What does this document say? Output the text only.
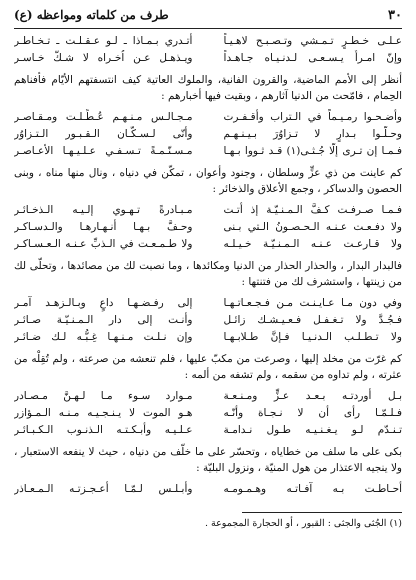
٣٠
طرف من كلماته ومواعظه (ع)
عـلـى خـطـرٍ تـمـشي وتـصـبـح لاهـيـاً
أتـدري بـمـاذا ـ لـو عـقـلـت ـ تـخـاطـر
وإنّ امـرأً يـسـعـى لـدنـيـاه جـاهـداً
ويـذهـل عـن اُخـراه لا شـكَّ خـاسـر
أنظر إلى الأمم الماضية، والقرون الفانية، والملوك العاتية كيف انتسفتهم الأيّام فأفناهم الحِمام ، فامّحت من الدنيا آثارهم ، وبقيت فيها أخبارهم :
وأضـحـوا رمـيـماً في الـتراب وأقـفـرت
مـجـالـس مـنـهـم عُـطِّـلـت ومـقـاصـر
وحـلّـوا بـدارٍ لا تـزاوُرَ بـيـنـهـم
وأنّى لـسـكّـان الـقـبـور الـتـزاوُر
فـمـا إن تـرى إلّا جُـثـى(١) قـد ثـووا بـهـا
مـسـنّـمـةً تـسـفـي عـلـيـهـا الأعـاصـر
كم عاينت من ذي عزٍّ وسلطان ، وجنود وأعوان ، تمكّن في دنياه ، ونال منها مناه ، وبنى الحصون والدساكر ، وجمع الأعلاق والذخائر :
فـمـا صـرفـت كـفَّ الـمـنـيّـة إذ أتـت
مـبـادرةً تـهـوي إلـيـه الـذخـائـر
ولا دفـعـت عـنـه الـحـصـونُ الـتي بـنى
وحـفَّ بـهـا أنـهـارهـا والـدسـاكـر
ولا قـارعـت عـنـه الـمـنـيّـة خـيـلـه
ولا طـمـعـت في الـذبِّ عـنـه الـعـسـاكـر
فالبدار البدار ، والحذار الحذار من الدنيا ومكائدها ، وما نصبت لك من مصائدها ، وتحلّى لك من زينتها ، واستشرف لك من فتنتها :
وفي دون مـا عـايـنـت مـن فـجـعـاتـهـا
إلى رفـضـهـا داعٍ وبـالـزهـد آمـر
فـجُـدَّ ولا تـغـفـل فـعـيـشـك زائـل
وأنـت إلى دار الـمـنـيّـة صـائـر
ولا تـطـلـب الـدنـيـا فـإنَّ طـلابـهـا
وإن نـلـت مـنـهـا غِـبُّـه لـك ضـائـر
كم غرّت من مخلد إليها ، وصرعت من مكبّ عليها ، فلم تنعشه من صرعته ، ولم تُقِلْه من عثرته ، ولم تداوه من سقمه ، ولم تشفه من ألمه :
بـل أوردتـه بـعـد عـزٍّ ومـنـعـة
مـوارد سـوء مـا لـهـنَّ مـصـادر
فـلـمّـا رأى أن لا نـجـاة وأنّـه
هـو الموت لا يـنـجـيـه مـنـه الـمـؤازر
تـنـدّم لـو يـغـنـيـه طـول نـدامـة
عـلـيـه وأبـكـتـه الـذنـوب الـكـبـائـر
بكى على ما سلف من خطاياه ، وتحسّر على ما خلّف من دنياه ، حيث لا ينفعه الاستعبار ، ولا ينجيه الاعتذار من هول المنيّة ، ونزول البليّة :
أحـاطـت بـه آفـاتـه وهـمـومـه
وأبـلـس لـمّـا أعـجـزتـه الـمـعـاذر
(١) الجُثى والجثى : القبور ، أو الحجارة المجموعة .
